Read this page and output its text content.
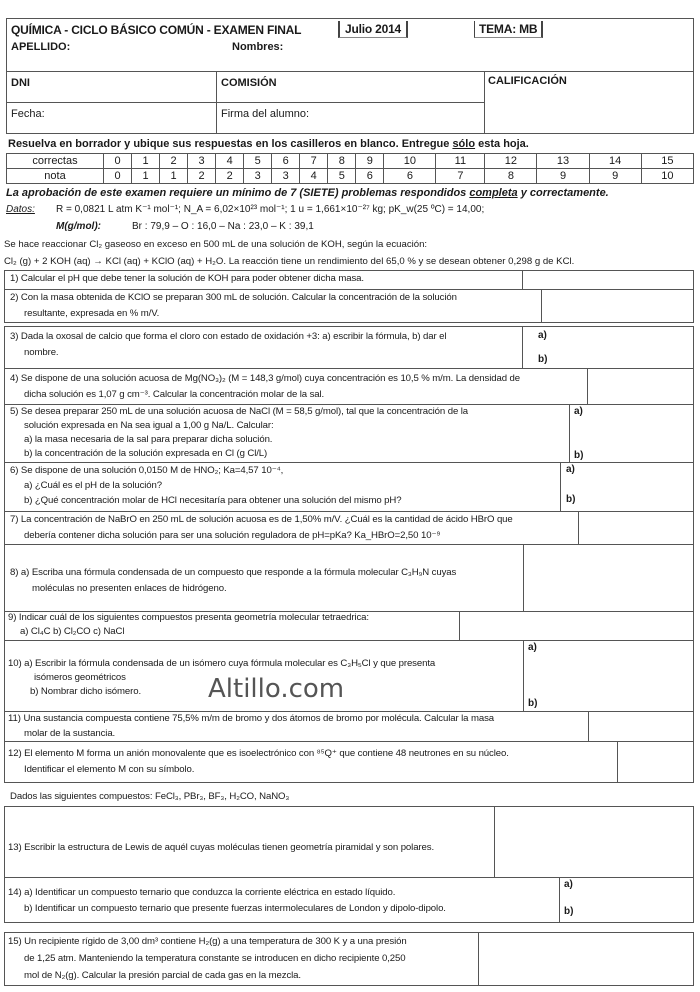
QUÍMICA - CICLO BÁSICO COMÚN - EXAMEN FINAL	Julio 2014	TEMA: MB
APELLIDO:	Nombres:
DNI	COMISIÓN	CALIFICACIÓN
Fecha:	Firma del alumno:
Resuelva en borrador y ubique sus respuestas en los casilleros en blanco. Entregue sólo esta hoja.
correctas	0	1	2	3	4	5	6	7	8	9	10	11	12	13	14	15
nota	0	1	1	2	2	3	3	4	5	6	6	7	8	9	9	10
La aprobación de este examen requiere un mínimo de 7 (SIETE) problemas respondidos completa y correctamente.
Datos: R = 0,0821 L atm K⁻¹ mol⁻¹; N_A = 6,02×10²³ mol⁻¹; 1 u = 1,661×10⁻²⁷ kg; pK_w(25 ºC) = 14,00;
M(g/mol):	Br : 79,9 – O : 16,0 – Na : 23,0 – K : 39,1
Se hace reaccionar Cl₂ gaseoso en exceso en 500 mL de una solución de KOH, según la ecuación:
Cl₂ (g) + 2 KOH (aq) → KCl (aq) + KClO (aq) + H₂O. La reacción tiene un rendimiento del 65,0 % y se desean obtener 0,298 g de KCl.
1) Calcular el pH que debe tener la solución de KOH para poder obtener dicha masa.
2) Con la masa obtenida de KClO se preparan 300 mL de solución. Calcular la concentración de la solución
resultante, expresada en % m/V.
3) Dada la oxosal de calcio que forma el cloro con estado de oxidación +3: a) escribir la fórmula, b) dar el
nombre.
a)
b)
4) Se dispone de una solución acuosa de Mg(NO₃)₂ (M = 148,3 g/mol) cuya concentración es 10,5 % m/m. La densidad de
dicha solución es 1,07 g cm⁻³. Calcular la concentración molar de la sal.
5) Se desea preparar 250 mL de una solución acuosa de NaCl (M = 58,5 g/mol), tal que la concentración de la
solución expresada en Na sea igual a 1,00 g Na/L. Calcular:
a) la masa necesaria de la sal para preparar dicha solución.
b) la concentración de la solución expresada en Cl (g Cl/L)
a)
b)
6) Se dispone de una solución 0,0150 M de HNO₂; Ka=4,57 10⁻⁴,
a) ¿Cuál es el pH de la solución?
b) ¿Qué concentración molar de HCl necesitaría para obtener una solución del mismo pH?
a)
b)
7) La concentración de NaBrO en 250 mL de solución acuosa es de 1,50% m/V. ¿Cuál es la cantidad de ácido HBrO que
debería contener dicha solución para ser una solución reguladora de pH=pKa? Ka_HBrO=2,50 10⁻⁹
8) a) Escriba una fórmula condensada de un compuesto que responde a la fórmula molecular C₃H₉N cuyas
moléculas no presenten enlaces de hidrógeno.
9) Indicar cuál de los siguientes compuestos presenta geometría molecular tetraedrica:
a) Cl₄C b) Cl₂CO c) NaCl
10) a) Escribir la fórmula condensada de un isómero cuya fórmula molecular es C₃H₅Cl y que presenta
isómeros geométricos
b) Nombrar dicho isómero.	Altillo.com
a)
b)
11) Una sustancia compuesta contiene 75,5% m/m de bromo y dos átomos de bromo por molécula. Calcular la masa
molar de la sustancia.
12) El elemento M forma un anión monovalente que es isoelectrónico con ⁸⁵Q⁺ que contiene 48 neutrones en su núcleo.
Identificar el elemento M con su símbolo.
Dados las siguientes compuestos: FeCl₃, PBr₃, BF₃, H₂CO, NaNO₃
13) Escribir la estructura de Lewis de aquél cuyas moléculas tienen geometría piramidal y son polares.
14) a) Identificar un compuesto ternario que conduzca la corriente eléctrica en estado líquido.
b) Identificar un compuesto ternario que presente fuerzas intermoleculares de London y dipolo-dipolo.
a)
b)
15) Un recipiente rígido de 3,00 dm³ contiene H₂(g) a una temperatura de 300 K y a una presión
de 1,25 atm. Manteniendo la temperatura constante se introducen en dicho recipiente 0,250
mol de N₂(g). Calcular la presión parcial de cada gas en la mezcla.
